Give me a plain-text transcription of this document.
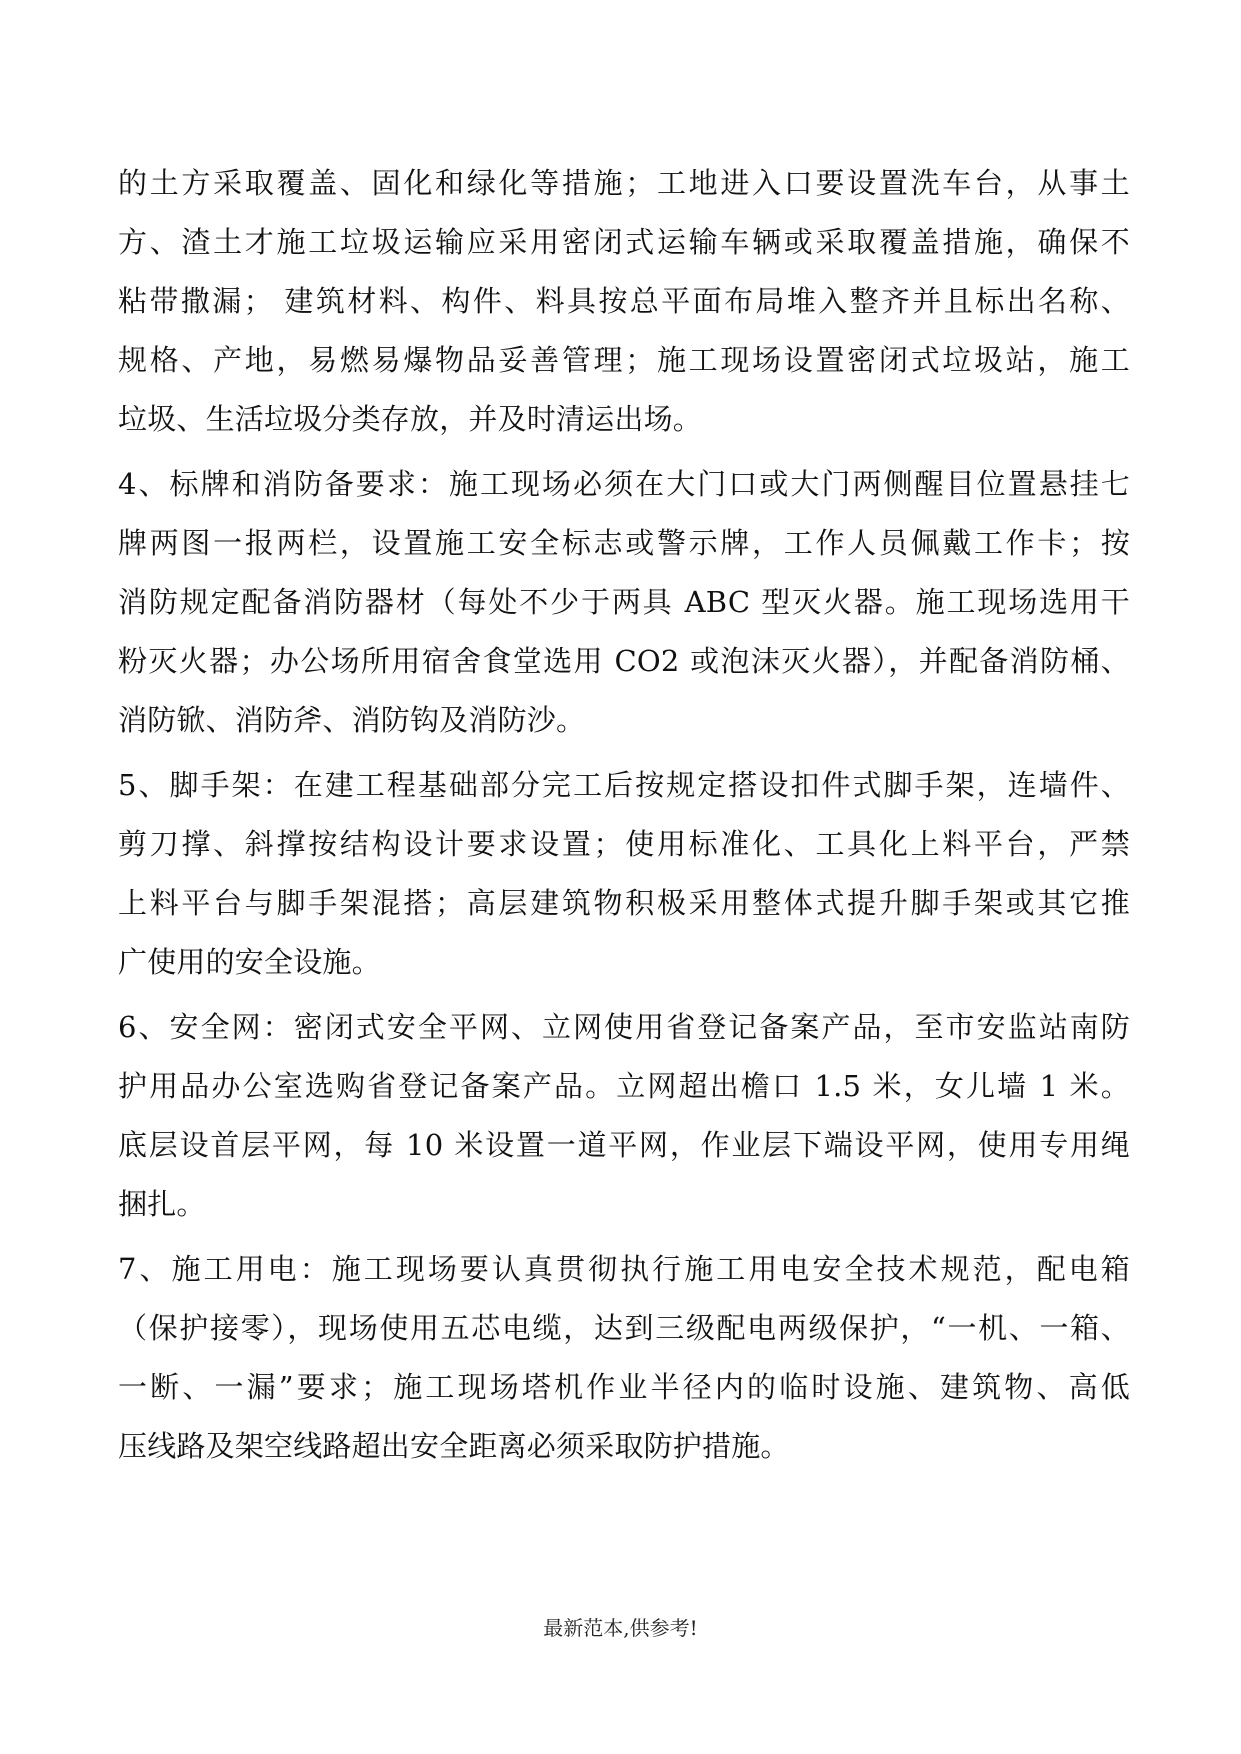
的土方采取覆盖、固化和绿化等措施；工地进入口要设置洗车台，从事土
方、渣土才施工垃圾运输应采用密闭式运输车辆或采取覆盖措施，确保不
粘带撒漏； 建筑材料、构件、料具按总平面布局堆入整齐并且标出名称、
规格、产地，易燃易爆物品妥善管理；施工现场设置密闭式垃圾站，施工
垃圾、生活垃圾分类存放，并及时清运出场。
4、标牌和消防备要求：施工现场必须在大门口或大门两侧醒目位置悬挂七
牌两图一报两栏，设置施工安全标志或警示牌，工作人员佩戴工作卡；按
消防规定配备消防器材（每处不少于两具 ABC 型灭火器。施工现场选用干
粉灭火器；办公场所用宿舍食堂选用 CO2 或泡沫灭火器），并配备消防桶、
消防锨、消防斧、消防钩及消防沙。
5、脚手架：在建工程基础部分完工后按规定搭设扣件式脚手架，连墙件、
剪刀撑、斜撑按结构设计要求设置；使用标准化、工具化上料平台，严禁
上料平台与脚手架混搭；高层建筑物积极采用整体式提升脚手架或其它推
广使用的安全设施。
6、安全网：密闭式安全平网、立网使用省登记备案产品，至市安监站南防
护用品办公室选购省登记备案产品。立网超出檐口 1.5 米，女儿墙 1 米。
底层设首层平网，每 10 米设置一道平网，作业层下端设平网，使用专用绳
捆扎。
7、施工用电：施工现场要认真贯彻执行施工用电安全技术规范，配电箱
（保护接零），现场使用五芯电缆，达到三级配电两级保护，“一机、一箱、
一断、一漏”要求；施工现场塔机作业半径内的临时设施、建筑物、高低
压线路及架空线路超出安全距离必须采取防护措施。
最新范本,供参考!
